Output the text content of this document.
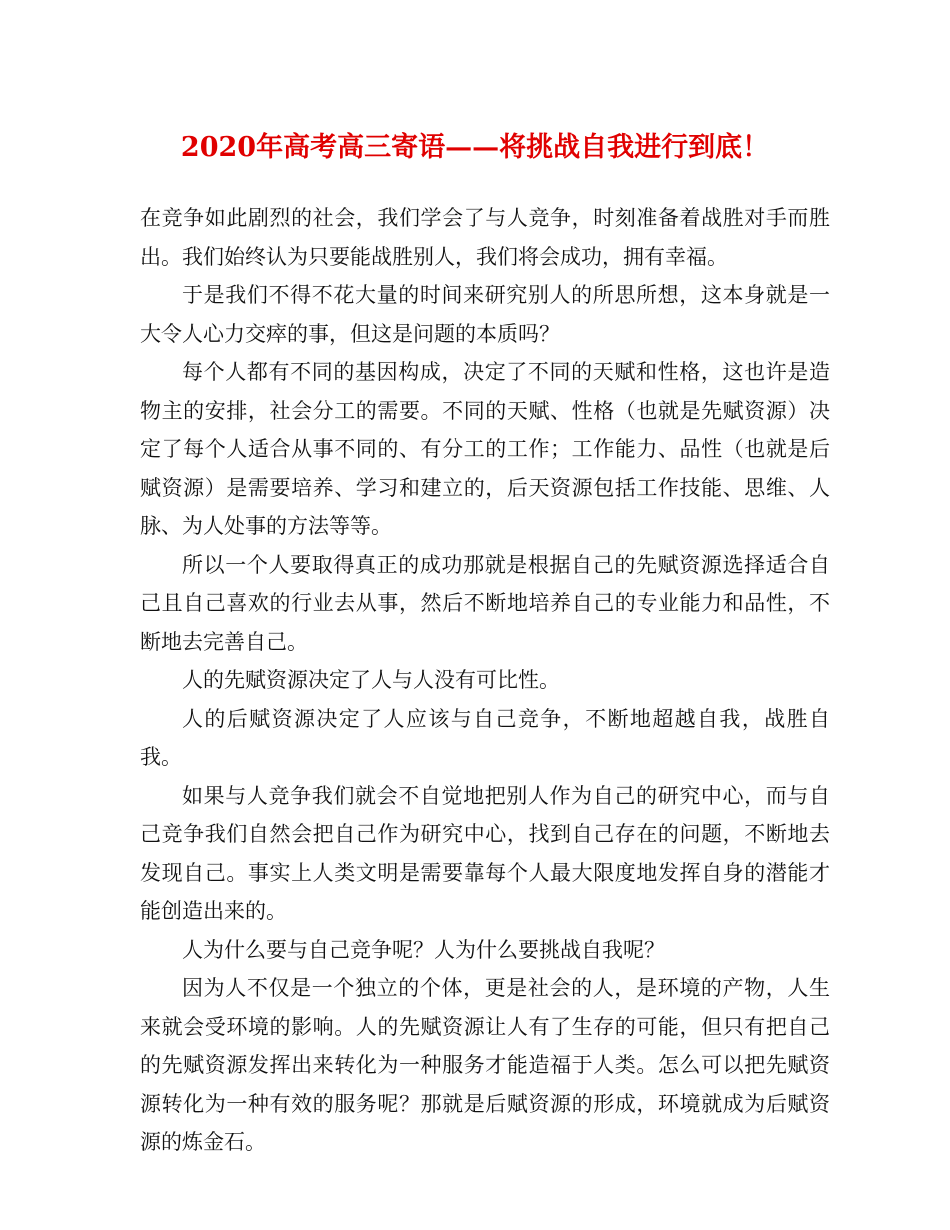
2020年高考高三寄语——将挑战自我进行到底！

在竞争如此剧烈的社会，我们学会了与人竞争，时刻准备着战胜对手而胜出。我们始终认为只要能战胜别人，我们将会成功，拥有幸福。

于是我们不得不花大量的时间来研究别人的所思所想，这本身就是一大令人心力交瘁的事，但这是问题的本质吗？

每个人都有不同的基因构成，决定了不同的天赋和性格，这也许是造物主的安排，社会分工的需要。不同的天赋、性格（也就是先赋资源）决定了每个人适合从事不同的、有分工的工作；工作能力、品性（也就是后赋资源）是需要培养、学习和建立的，后天资源包括工作技能、思维、人脉、为人处事的方法等等。

所以一个人要取得真正的成功那就是根据自己的先赋资源选择适合自己且自己喜欢的行业去从事，然后不断地培养自己的专业能力和品性，不断地去完善自己。

人的先赋资源决定了人与人没有可比性。

人的后赋资源决定了人应该与自己竞争，不断地超越自我，战胜自我。

如果与人竞争我们就会不自觉地把别人作为自己的研究中心，而与自己竞争我们自然会把自己作为研究中心，找到自己存在的问题，不断地去发现自己。事实上人类文明是需要靠每个人最大限度地发挥自身的潜能才能创造出来的。

人为什么要与自己竞争呢？人为什么要挑战自我呢？

因为人不仅是一个独立的个体，更是社会的人，是环境的产物，人生来就会受环境的影响。人的先赋资源让人有了生存的可能，但只有把自己的先赋资源发挥出来转化为一种服务才能造福于人类。怎么可以把先赋资源转化为一种有效的服务呢？那就是后赋资源的形成，环境就成为后赋资源的炼金石。
